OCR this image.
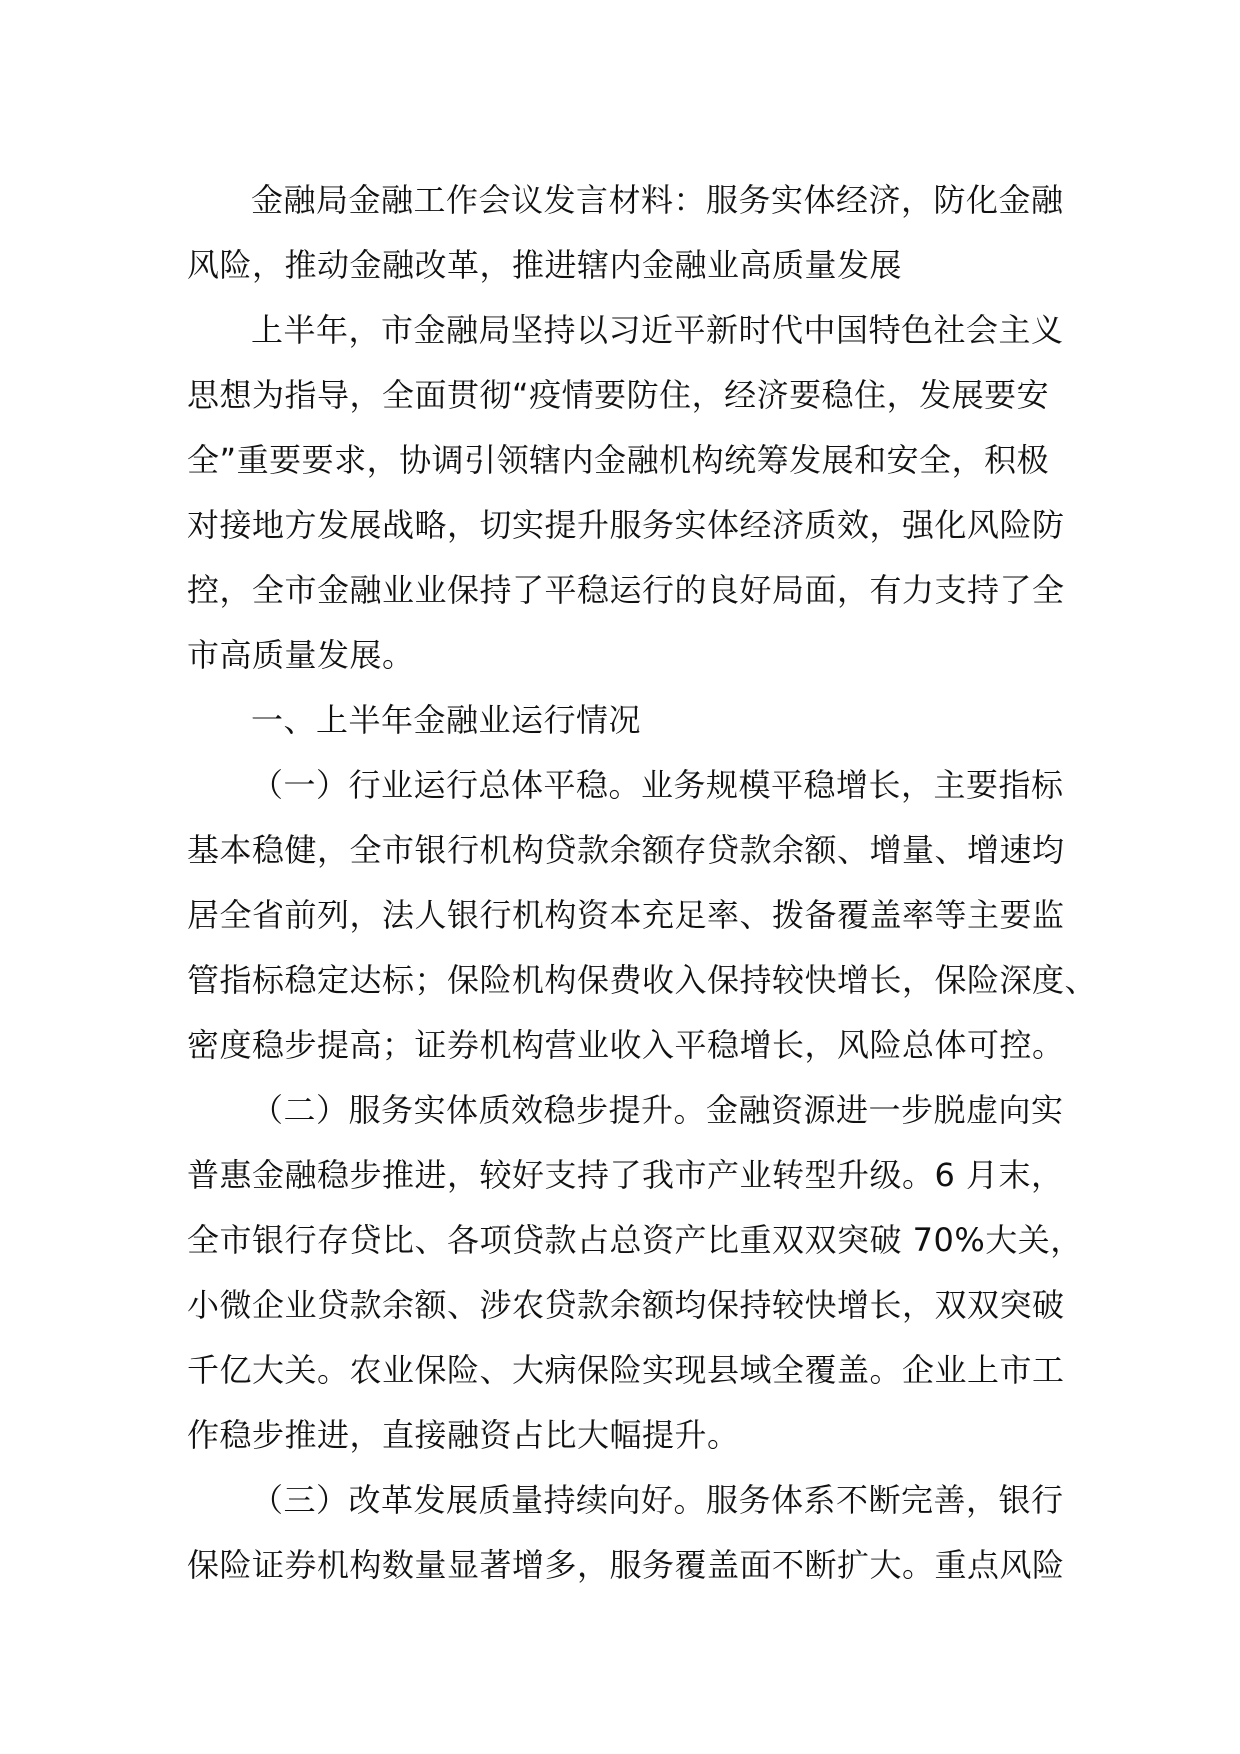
金融局金融工作会议发言材料：服务实体经济，防化金融
风险，推动金融改革，推进辖内金融业高质量发展
上半年，市金融局坚持以习近平新时代中国特色社会主义
思想为指导，全面贯彻“疫情要防住，经济要稳住，发展要安
全”重要要求，协调引领辖内金融机构统筹发展和安全，积极
对接地方发展战略，切实提升服务实体经济质效，强化风险防
控，全市金融业业保持了平稳运行的良好局面，有力支持了全
市高质量发展。
一、上半年金融业运行情况
（一）行业运行总体平稳。业务规模平稳增长，主要指标
基本稳健，全市银行机构贷款余额存贷款余额、增量、增速均
居全省前列，法人银行机构资本充足率、拨备覆盖率等主要监
管指标稳定达标；保险机构保费收入保持较快增长，保险深度、
密度稳步提高；证券机构营业收入平稳增长，风险总体可控。
（二）服务实体质效稳步提升。金融资源进一步脱虚向实
普惠金融稳步推进，较好支持了我市产业转型升级。6 月末，
全市银行存贷比、各项贷款占总资产比重双双突破 70%大关，
小微企业贷款余额、涉农贷款余额均保持较快增长，双双突破
千亿大关。农业保险、大病保险实现县域全覆盖。企业上市工
作稳步推进，直接融资占比大幅提升。
（三）改革发展质量持续向好。服务体系不断完善，银行
保险证券机构数量显著增多，服务覆盖面不断扩大。重点风险
